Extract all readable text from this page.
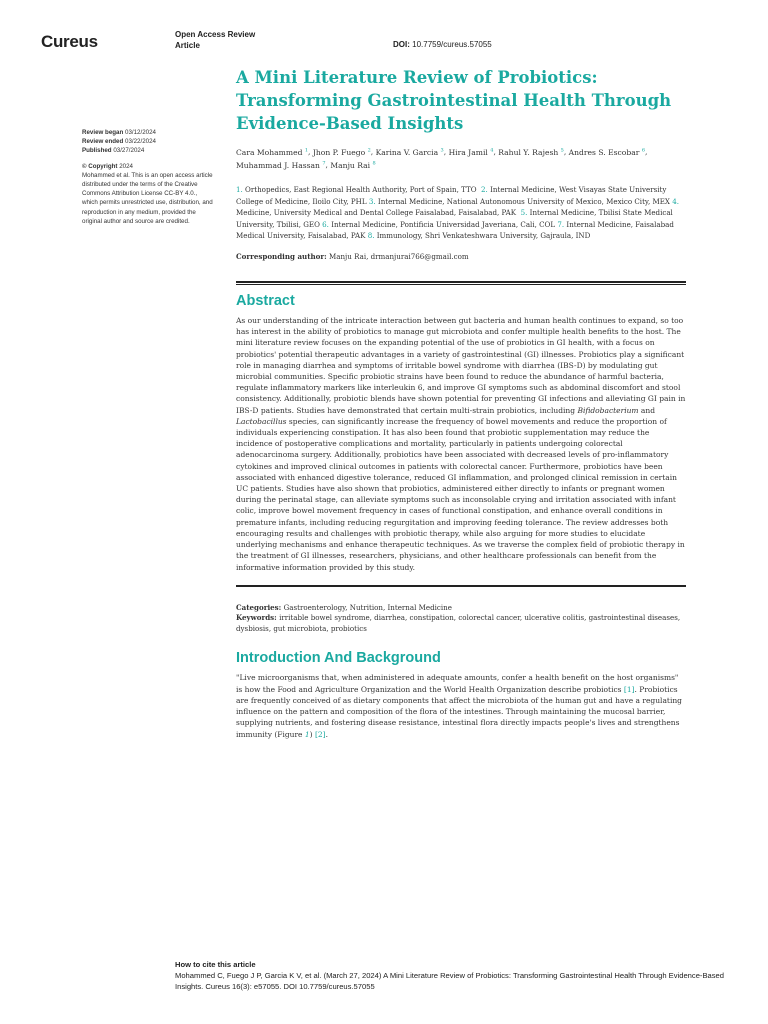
Cureus	Open Access Review
Article	DOI: 10.7759/cureus.57055
Review began 03/12/2024
Review ended 03/22/2024
Published 03/27/2024
© Copyright 2024
Mohammed et al. This is an open access article distributed under the terms of the Creative Commons Attribution License CC-BY 4.0., which permits unrestricted use, distribution, and reproduction in any medium, provided the original author and source are credited.
A Mini Literature Review of Probiotics: Transforming Gastrointestinal Health Through Evidence-Based Insights
Cara Mohammed $^1$, Jhon P. Fuego $^2$, Karina V. Garcia $^3$, Hira Jamil $^4$, Rahul Y. Rajesh $^5$, Andres S. Escobar $^6$, Muhammad J. Hassan $^7$, Manju Rai $^8$
1. Orthopedics, East Regional Health Authority, Port of Spain, TTO 2. Internal Medicine, West Visayas State University College of Medicine, Iloilo City, PHL 3. Internal Medicine, National Autonomous University of Mexico, Mexico City, MEX 4. Medicine, University Medical and Dental College Faisalabad, Faisalabad, PAK 5. Internal Medicine, Tbilisi State Medical University, Tbilisi, GEO 6. Internal Medicine, Pontificia Universidad Javeriana, Cali, COL 7. Internal Medicine, Faisalabad Medical University, Faisalabad, PAK 8. Immunology, Shri Venkateshwara University, Gajraula, IND
Corresponding author: Manju Rai, drmanjurai766@gmail.com
Abstract

As our understanding of the intricate interaction between gut bacteria and human health continues to expand, so too has interest in the ability of probiotics to manage gut microbiota and confer multiple health benefits to the host. The mini literature review focuses on the expanding potential of the use of probiotics in GI health, with a focus on probiotics' potential therapeutic advantages in a variety of gastrointestinal (GI) illnesses. Probiotics play a significant role in managing diarrhea and symptoms of irritable bowel syndrome with diarrhea (IBS-D) by modulating gut microbial communities. Specific probiotic strains have been found to reduce the abundance of harmful bacteria, regulate inflammatory markers like interleukin 6, and improve GI symptoms such as abdominal discomfort and stool consistency. Additionally, probiotic blends have shown potential for preventing GI infections and alleviating GI pain in IBS-D patients. Studies have demonstrated that certain multi-strain probiotics, including Bifidobacterium and Lactobacillus species, can significantly increase the frequency of bowel movements and reduce the proportion of individuals experiencing constipation. It has also been found that probiotic supplementation may reduce the incidence of postoperative complications and mortality, particularly in patients undergoing colorectal adenocarcinoma surgery. Additionally, probiotics have been associated with decreased levels of pro-inflammatory cytokines and improved clinical outcomes in patients with colorectal cancer. Furthermore, probiotics have been associated with enhanced digestive tolerance, reduced GI inflammation, and prolonged clinical remission in certain UC patients. Studies have also shown that probiotics, administered either directly to infants or pregnant women during the perinatal stage, can alleviate symptoms such as inconsolable crying and irritation associated with infant colic, improve bowel movement frequency in cases of functional constipation, and enhance overall conditions in premature infants, including reducing regurgitation and improving feeding tolerance. The review addresses both encouraging results and challenges with probiotic therapy, while also arguing for more studies to elucidate underlying mechanisms and enhance therapeutic techniques. As we traverse the complex field of probiotic therapy in the treatment of GI illnesses, researchers, physicians, and other healthcare professionals can benefit from the informative information provided by this study.

Categories: Gastroenterology, Nutrition, Internal Medicine
Keywords: irritable bowel syndrome, diarrhea, constipation, colorectal cancer, ulcerative colitis, gastrointestinal diseases, dysbiosis, gut microbiota, probiotics
Introduction And Background

"Live microorganisms that, when administered in adequate amounts, confer a health benefit on the host organisms" is how the Food and Agriculture Organization and the World Health Organization describe probiotics [1]. Probiotics are frequently conceived of as dietary components that affect the microbiota of the human gut and have a regulating influence on the pattern and composition of the flora of the intestines. Through maintaining the mucosal barrier, supplying nutrients, and fostering disease resistance, intestinal flora directly impacts people's lives and strengthens immunity (Figure 1) [2].

How to cite this article
Mohammed C, Fuego J P, Garcia K V, et al. (March 27, 2024) A Mini Literature Review of Probiotics: Transforming Gastrointestinal Health Through Evidence-Based Insights. Cureus 16(3): e57055. DOI 10.7759/cureus.57055
